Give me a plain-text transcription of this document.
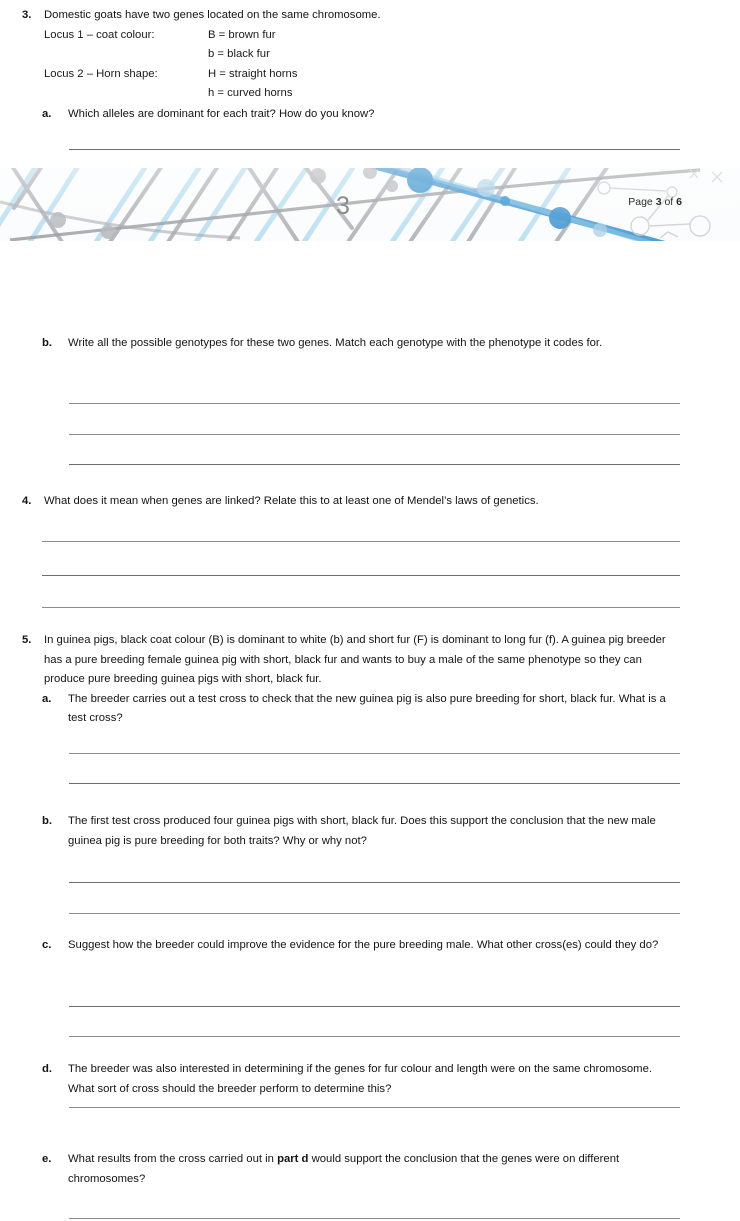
3. Domestic goats have two genes located on the same chromosome.
Locus 1 – coat colour:	B = brown fur
b = black fur
Locus 2 – Horn shape:	H = straight horns
h = curved horns
a. Which alleles are dominant for each trait? How do you know?
3	Page 3 of 6
b. Write all the possible genotypes for these two genes. Match each genotype with the phenotype it codes for.
4. What does it mean when genes are linked? Relate this to at least one of Mendel’s laws of genetics.
5. In guinea pigs, black coat colour (B) is dominant to white (b) and short fur (F) is dominant to long fur (f). A guinea pig breeder has a pure breeding female guinea pig with short, black fur and wants to buy a male of the same phenotype so they can produce pure breeding guinea pigs with short, black fur.
a. The breeder carries out a test cross to check that the new guinea pig is also pure breeding for short, black fur. What is a test cross?
b. The first test cross produced four guinea pigs with short, black fur. Does this support the conclusion that the new male guinea pig is pure breeding for both traits? Why or why not?
c. Suggest how the breeder could improve the evidence for the pure breeding male. What other cross(es) could they do?
d. The breeder was also interested in determining if the genes for fur colour and length were on the same chromosome. What sort of cross should the breeder perform to determine this?
e. What results from the cross carried out in part d would support the conclusion that the genes were on different chromosomes?
